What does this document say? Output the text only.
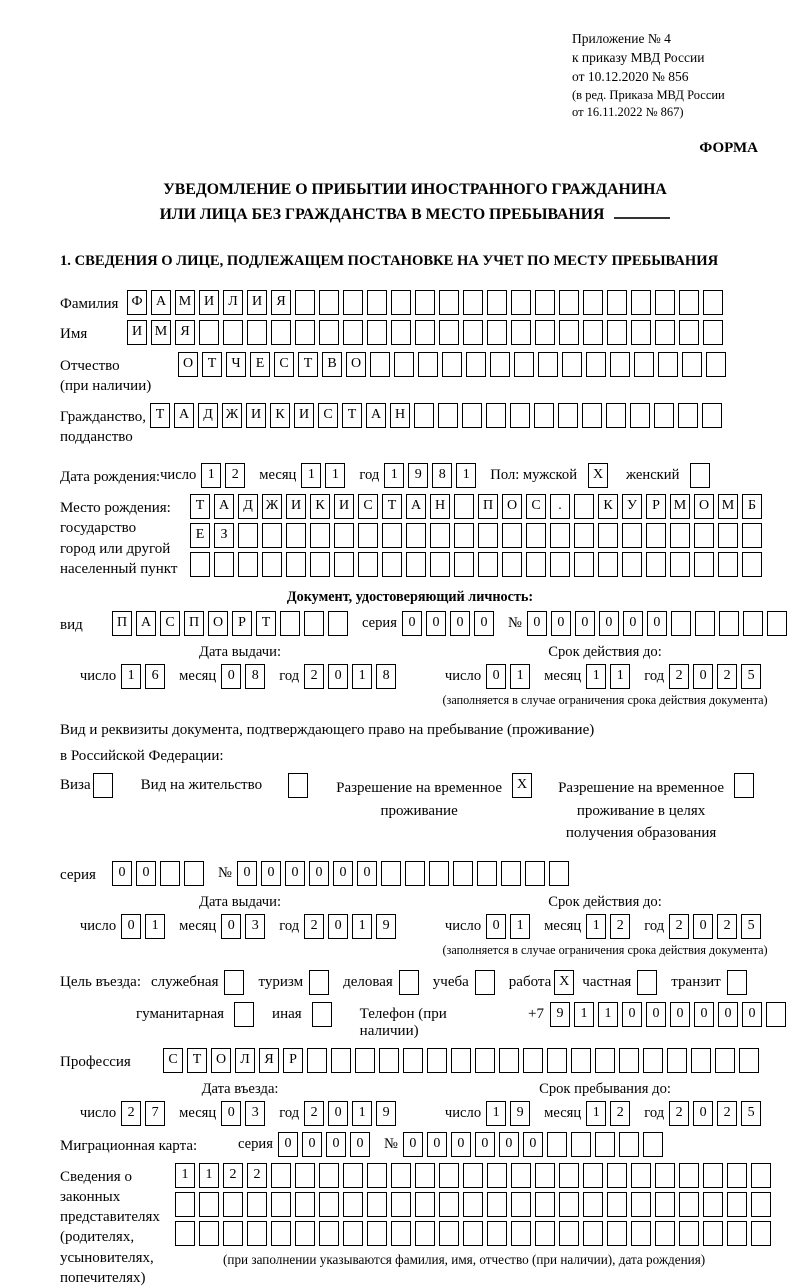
Приложение № 4
к приказу МВД России
от 10.12.2020 № 856
(в ред. Приказа МВД России
от 16.11.2022 № 867)
ФОРМА
УВЕДОМЛЕНИЕ О ПРИБЫТИИ ИНОСТРАННОГО ГРАЖДАНИНА
ИЛИ ЛИЦА БЕЗ ГРАЖДАНСТВА В МЕСТО ПРЕБЫВАНИЯ
1. СВЕДЕНИЯ О ЛИЦЕ, ПОДЛЕЖАЩЕМ ПОСТАНОВКЕ НА УЧЕТ ПО МЕСТУ ПРЕБЫВАНИЯ
Фамилия Ф А М И Л И Я
Имя	И М Я
Отчество
(при наличии)
О Т Ч Е С Т В О
Гражданство,
подданство
Т А Д Ж И К И С Т А Н
Дата рождения: число 1 2	месяц 1 1	год 1 9 8 1	Пол: мужской	X	женский
Место рождения:
государство
город или другой
населенный пункт
Т А Д Ж И К И С Т А Н	П О С .	К У Р М О М Б
Е З
Документ, удостоверяющий личность:
вид	П А С П О Р Т	серия 0 0 0 0	№ 0 0 0 0 0 0
Дата выдачи:
число 1 6	месяц 0 8	год 2 0 1 8
Срок действия до:
число 0 1	месяц 1 1	год 2 0 2 5
(заполняется в случае ограничения срока действия документа)
Вид и реквизиты документа, подтверждающего право на пребывание (проживание)
в Российской Федерации:
Виза	Вид на жительство	Разрешение на временное
проживание
X	Разрешение на временное
проживание в целях
получения образования
серия	0 0	№ 0 0 0 0 0 0
Дата выдачи:
число 0 1	месяц 0 3	год 2 0 1 9
Срок действия до:
число 0 1	месяц 1 2	год 2 0 2 5
(заполняется в случае ограничения срока действия документа)
Цель въезда: служебная	туризм	деловая	учеба	работа X частная	транзит
гуманитарная	иная	Телефон (при наличии)
+7 9 1 1 0 0 0 0 0 0
Профессия	С Т О Л Я Р
Дата въезда:
число 2 7	месяц 0 3	год 2 0 1 9
Срок пребывания до:
число 1 9	месяц 1 2	год 2 0 2 5
Миграционная карта:	серия 0 0 0 0	№ 0 0 0 0 0 0
Сведения о
законных
представителях
(родителях,
усыновителях,
попечителях)
1 1 2 2
(при заполнении указываются фамилия, имя, отчество (при наличии), дата рождения)
